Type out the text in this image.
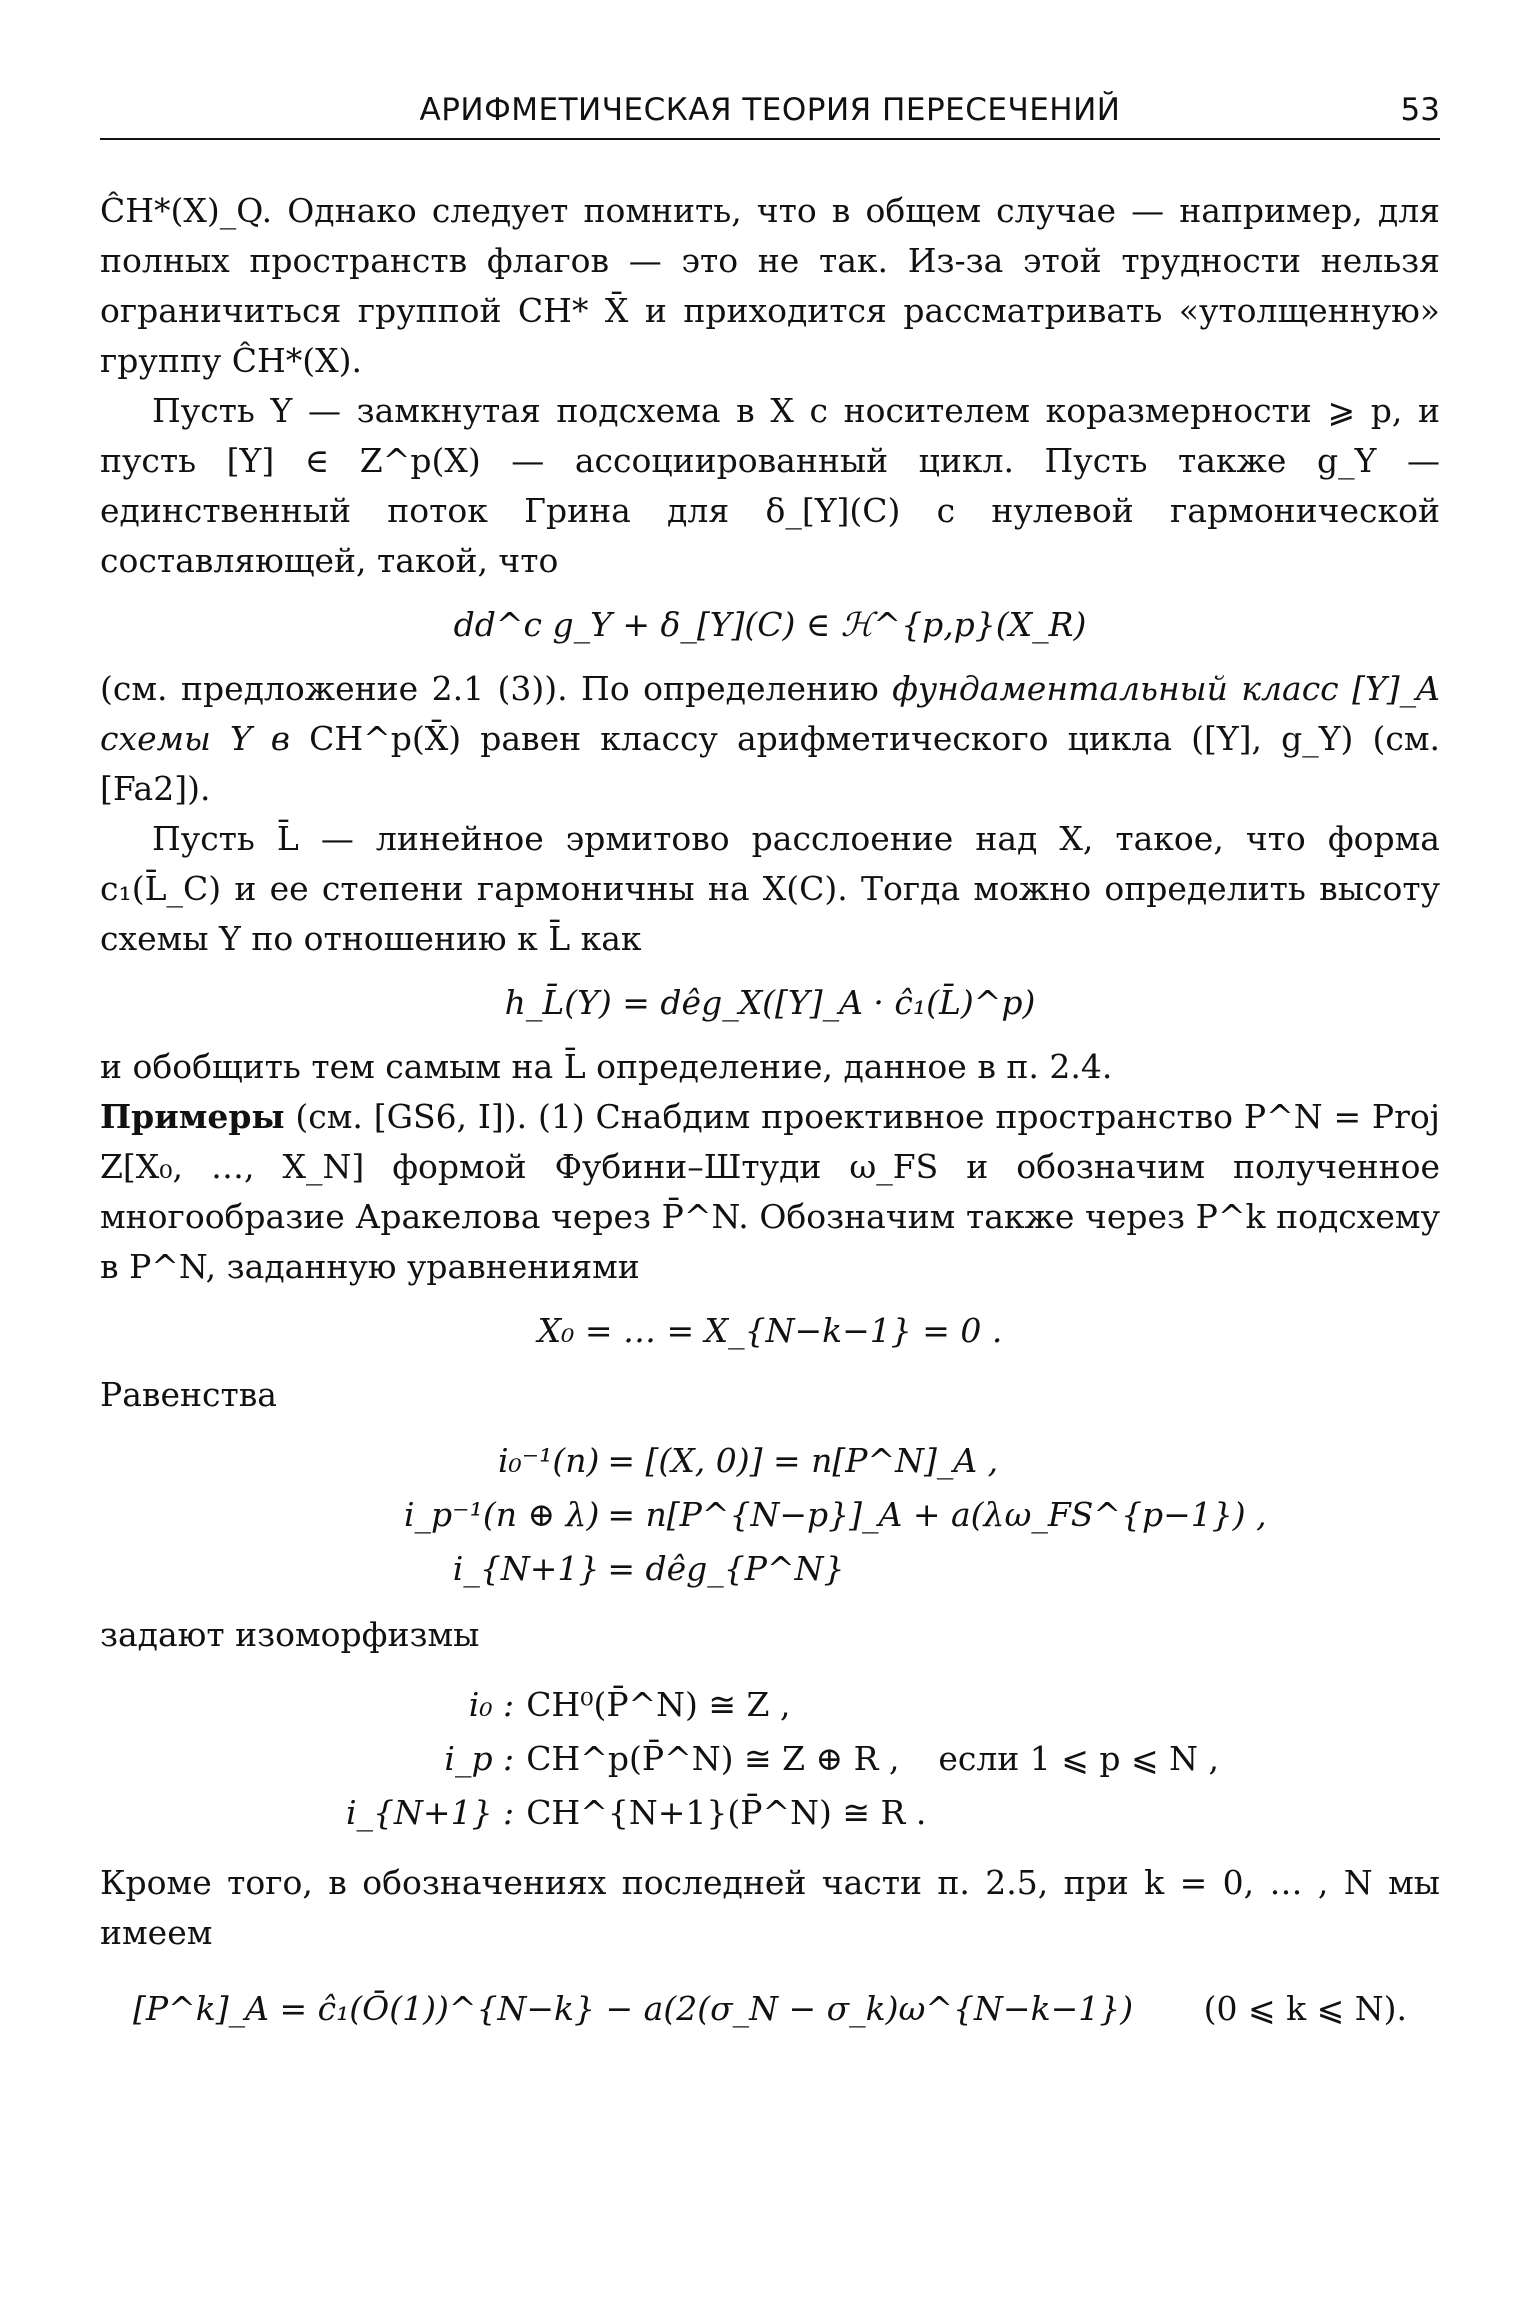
АРИФМЕТИЧЕСКАЯ ТЕОРИЯ ПЕРЕСЕЧЕНИЙ	53

ĈH*(X)_Q. Однако следует помнить, что в общем случае — например, для полных пространств флагов — это не так. Из-за этой трудности нельзя ограничиться группой CH* X̄ и приходится рассматривать «утолщенную» группу ĈH*(X).

Пусть Y — замкнутая подсхема в X с носителем коразмерности ⩾ p, и пусть [Y] ∈ Z^p(X) — ассоциированный цикл. Пусть также g_Y — единственный поток Грина для δ_[Y](C) с нулевой гармонической составляющей, такой, что

dd^c g_Y + δ_[Y](C) ∈ ℋ^{p,p}(X_R)

(см. предложение 2.1 (3)). По определению фундаментальный класс [Y]_A схемы Y в CH^p(X̄) равен классу арифметического цикла ([Y], g_Y) (см. [Fa2]).

Пусть L̄ — линейное эрмитово расслоение над X, такое, что форма c₁(L̄_C) и ее степени гармоничны на X(C). Тогда можно определить высоту схемы Y по отношению к L̄ как

h_L̄(Y) = dêg_X([Y]_A · ĉ₁(L̄)^p)

и обобщить тем самым на L̄ определение, данное в п. 2.4.

Примеры (см. [GS6, I]). (1) Снабдим проективное пространство P^N = Proj Z[X₀, …, X_N] формой Фубини–Штуди ω_FS и обозначим полученное многообразие Аракелова через P̄^N. Обозначим также через P^k подсхему в P^N, заданную уравнениями

X₀ = … = X_{N−k−1} = 0 .

Равенства

i₀⁻¹(n)	= [(X, 0)] = n[P^N]_A ,
i_p⁻¹(n ⊕ λ)	= n[P^{N−p}]_A + a(λω_FS^{p−1}) ,
i_{N+1}	= dêg_{P^N}

задают изоморфизмы

i₀ :	CH⁰(P̄^N) ≅ Z ,	
i_p :	CH^p(P̄^N) ≅ Z ⊕ R ,	если 1 ⩽ p ⩽ N ,
i_{N+1} :	CH^{N+1}(P̄^N) ≅ R .	

Кроме того, в обозначениях последней части п. 2.5, при k = 0, … , N мы имеем

[P^k]_A = ĉ₁(Ō(1))^{N−k} − a(2(σ_N − σ_k)ω^{N−k−1}) (0 ⩽ k ⩽ N).
